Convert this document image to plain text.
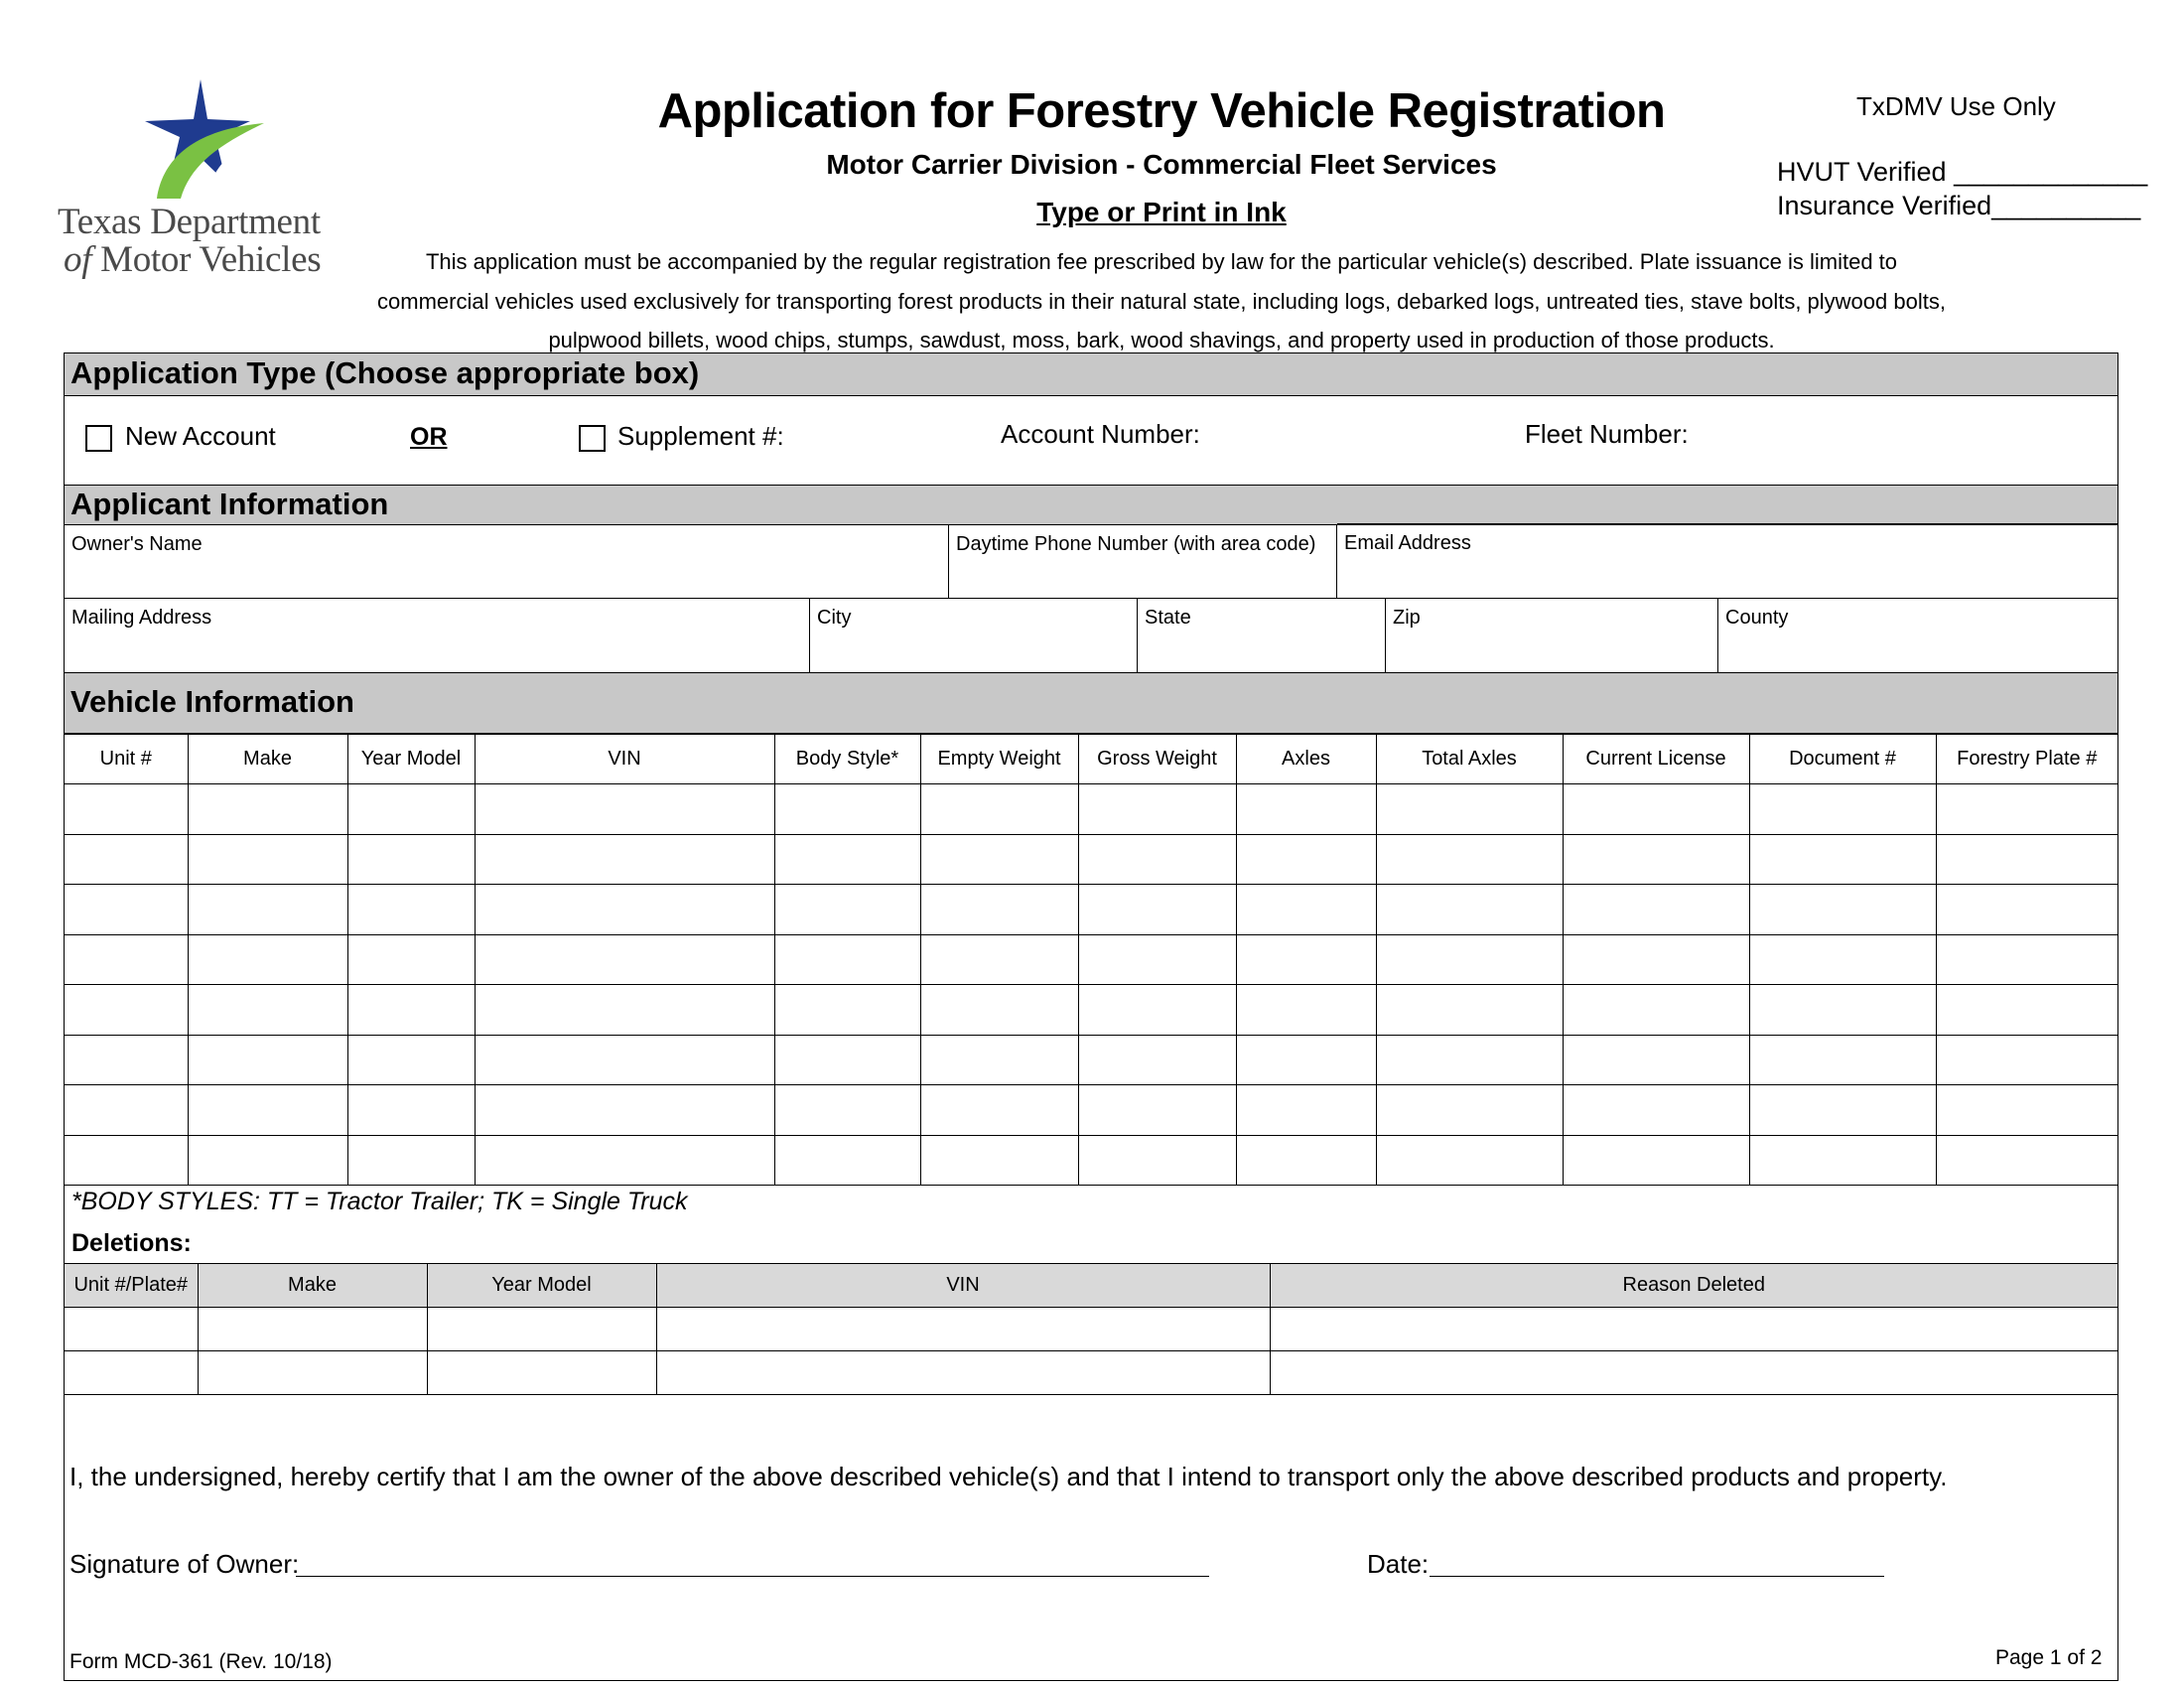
Texas Department
of Motor Vehicles
Application for Forestry Vehicle Registration
Motor Carrier Division - Commercial Fleet Services
Type or Print in Ink
This application must be accompanied by the regular registration fee prescribed by law for the particular vehicle(s) described. Plate issuance is limited to commercial vehicles used exclusively for transporting forest products in their natural state, including logs, debarked logs, untreated ties, stave bolts, plywood bolts, pulpwood billets, wood chips, stumps, sawdust, moss, bark, wood shavings, and property used in production of those products.
TxDMV Use Only
HVUT Verified _____________
Insurance Verified__________
Application Type (Choose appropriate box)
New Account	OR	Supplement #:	Account Number:	Fleet Number:
Applicant Information
Owner's Name	Daytime Phone Number (with area code) Email Address
Mailing Address	City	State	Zip	County
Vehicle Information
Unit #	Make	Year Model	VIN	Body Style*	Empty Weight	Gross Weight	Axles	Total Axles	Current License	Document #	Forestry Plate #

*BODY STYLES: TT = Tractor Trailer; TK = Single Truck
Deletions:
Unit #/Plate#	Make	Year Model	VIN	Reason Deleted

I, the undersigned, hereby certify that I am the owner of the above described vehicle(s) and that I intend to transport only the above described products and property.
Signature of Owner:	Date:
Form MCD-361 (Rev. 10/18)	Page 1 of 2
